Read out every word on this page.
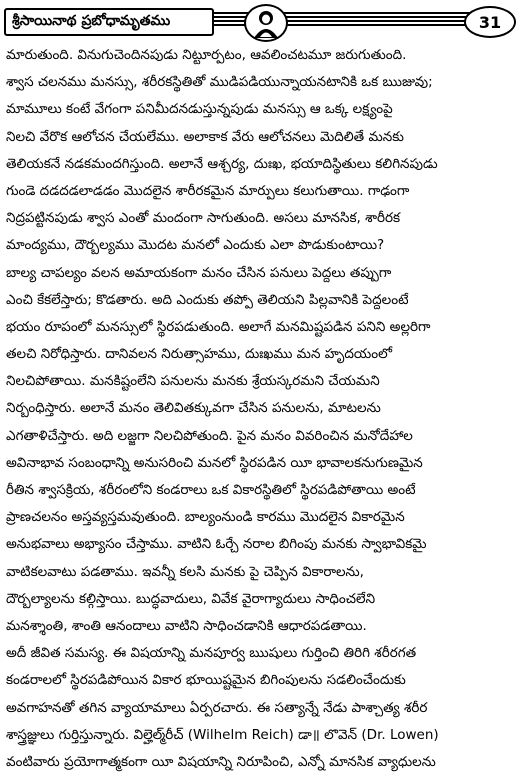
శ్రీసాయినాథ ప్రబోధామృతము	31
మారుతుంది. వినుగుచెందినపుడు నిట్టూర్పటం, ఆవలించటమూ జరుగుతుంది.
శ్వాస చలనము మనస్సు, శరీరకస్థితితో ముడిపడియున్నాయనటానికి ఒక ఋజువు;
మామూలు కంటే వేగంగా పనిమీదనడుస్తున్నపుడు మనస్సు ఆ ఒక్క లక్ష్యంపై
నిలచి వేరొక ఆలోచన చేయలేము. అలాకాక వేరు ఆలోచనలు మెదిలితే మనకు
తెలియకనే నడకమందగిస్తుంది. అలానే ఆశ్చర్య, దుఃఖ, భయాదిస్థితులు కలిగినపుడు
గుండె దడదడలాడడం మొదలైన శారీరకమైన మార్పులు కలుగుతాయి. గాఢంగా
నిద్రపట్టినపుడు శ్వాస ఎంతో మందంగా సాగుతుంది. అసలు మానసిక, శారీరక
మాంద్యము, దౌర్బల్యము మొదట మనలో ఎందుకు ఎలా పొడుకుంటాయి?
బాల్య చాపల్యం వలన అమాయకంగా మనం చేసిన పనులు పెద్దలు తప్పుగా
ఎంచి కేకలేస్తారు; కొడతారు. అది ఎందుకు తప్పో తెలియని పిల్లవానికి పెద్దలంటే
భయం రూపంలో మనస్సులో స్థిరపడుతుంది. అలాగే మనమిష్టపడిన పనిని అల్లరిగా
తలచి నిరోధిస్తారు. దానివలన నిరుత్సాహము, దుఃఖము మన హృదయంలో
నిలచిపోతాయి. మనకిష్టంలేని పనులను మనకు శ్రేయస్కరమని చేయమని
నిర్బంధిస్తారు. అలానే మనం తెలివితక్కువగా చేసిన పనులను, మాటలను
ఎగతాళిచేస్తారు. అది లజ్జగా నిలచిపోతుంది. పైన మనం వివరించిన మనోదేహాల
అవినాభావ సంబంధాన్ని అనుసరించి మనలో స్థిరపడిన యీ భావాలకనుగుణమైన
రీతిన శ్వాసక్రియ, శరీరంలోని కండరాలు ఒక వికారస్థితిలో స్థిరపడిపోతాయి అంటే
ప్రాణచలనం అస్తవ్యస్తమవుతుంది. బాల్యంనుండి కారము మొదలైన వికారమైన
అనుభవాలు అభ్యాసం చేస్తాము. వాటిని ఓర్చే నరాల బిగింపు మనకు స్వాభావికమై
వాటికలవాటు పడతాము. ఇవన్నీ కలసి మనకు పై చెప్పిన వికారాలను,
దౌర్బల్యాలను కల్గిస్తాయి. బుద్ధవాదులు, వివేక వైరాగ్యాదులు సాధించలేని
మనశ్శాంతి, శాంతి ఆనందాలు వాటిని సాధించడానికి ఆధారపడతాయి.
అదీ జీవిత సమస్య. ఈ విషయాన్ని మనపూర్వ ఋషులు గుర్తించి తిరిగి శరీరగత
కండరాలలో స్థిరపడిపోయిన వికార భూయిష్టమైన బిగింపులను సడలించేందుకు
అవగాహనతో తగిన వ్యాయామాలు ఏర్పరచారు. ఈ సత్యాన్నే నేడు పాశ్చాత్య శరీర
శాస్త్రజ్ఞులు గుర్తిస్తున్నారు. విల్హెల్మ్‌రీచ్ (Wilhelm Reich) డా॥ లొవెన్ (Dr. Lowen)
వంటివారు ప్రయోగాత్మకంగా యీ విషయాన్ని నిరూపించి, ఎన్నో మానసిక వ్యాధులను
